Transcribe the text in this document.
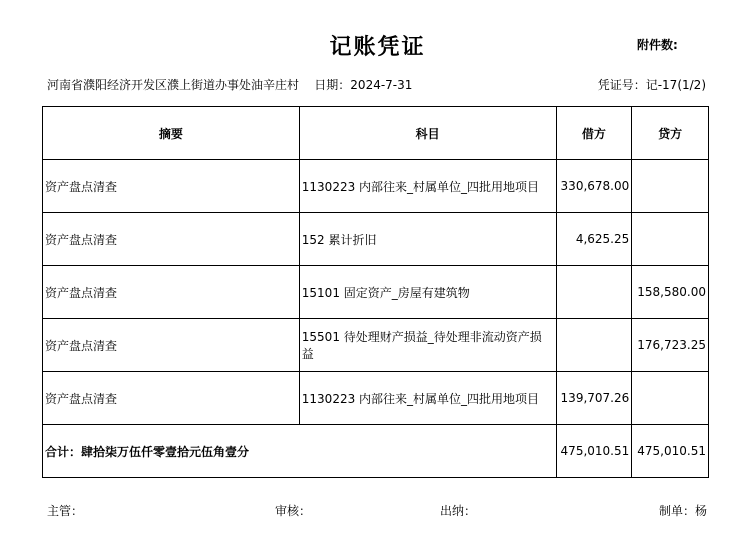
记账凭证	附件数:
河南省濮阳经济开发区濮上街道办事处油辛庄村 日期：2024-7-31	凭证号：记-17(1/2)
摘要	科目	借方	贷方
资产盘点清查	1130223 内部往来_村属单位_四批用地项目	330,678.00	
资产盘点清查	152 累计折旧	4,625.25	
资产盘点清查	15101 固定资产_房屋有建筑物		158,580.00
资产盘点清查	15501 待处理财产损益_待处理非流动资产损益		176,723.25
资产盘点清查	1130223 内部往来_村属单位_四批用地项目	139,707.26	
合计：肆拾柒万伍仟零壹拾元伍角壹分		475,010.51	475,010.51
主管：	审核：	出纳：	制单：杨
